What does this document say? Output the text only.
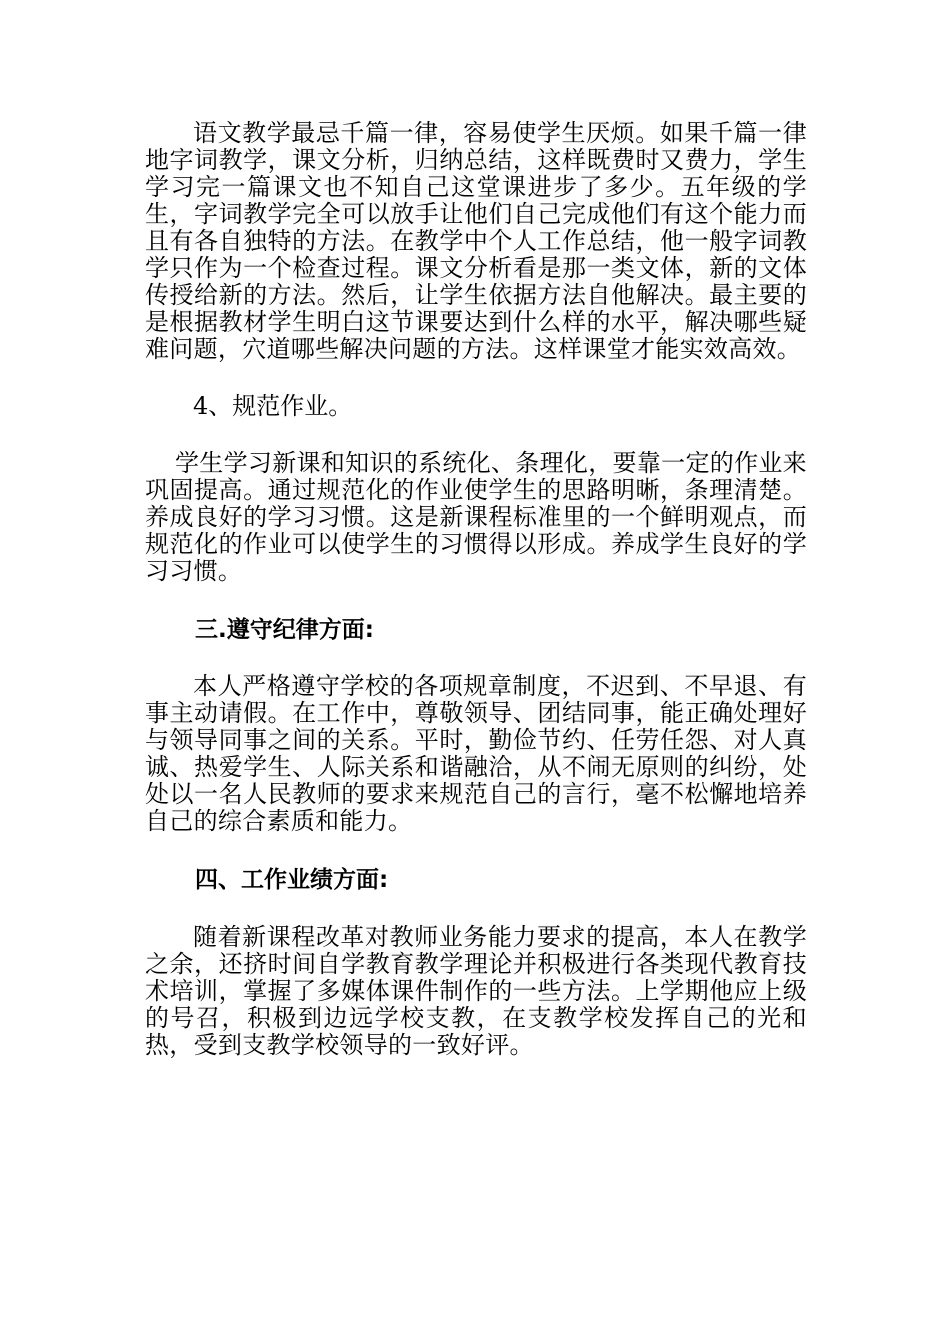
语文教学最忌千篇一律，容易使学生厌烦。如果千篇一律地字词教学，课文分析，归纳总结，这样既费时又费力，学生学习完一篇课文也不知自己这堂课进步了多少。五年级的学生，字词教学完全可以放手让他们自己完成他们有这个能力而且有各自独特的方法。在教学中个人工作总结，他一般字词教学只作为一个检查过程。课文分析看是那一类文体，新的文体传授给新的方法。然后，让学生依据方法自他解决。最主要的是根据教材学生明白这节课要达到什么样的水平，解决哪些疑难问题，穴道哪些解决问题的方法。这样课堂才能实效高效。

4、规范作业。

学生学习新课和知识的系统化、条理化，要靠一定的作业来巩固提高。通过规范化的作业使学生的思路明晰，条理清楚。养成良好的学习习惯。这是新课程标准里的一个鲜明观点，而规范化的作业可以使学生的习惯得以形成。养成学生良好的学习习惯。

三.遵守纪律方面:

本人严格遵守学校的各项规章制度，不迟到、不早退、有事主动请假。在工作中，尊敬领导、团结同事，能正确处理好与领导同事之间的关系。平时，勤俭节约、任劳任怨、对人真诚、热爱学生、人际关系和谐融洽，从不闹无原则的纠纷，处处以一名人民教师的要求来规范自己的言行，毫不松懈地培养自己的综合素质和能力。

四、工作业绩方面:

随着新课程改革对教师业务能力要求的提高，本人在教学之余，还挤时间自学教育教学理论并积极进行各类现代教育技术培训，掌握了多媒体课件制作的一些方法。上学期他应上级的号召，积极到边远学校支教，在支教学校发挥自己的光和热，受到支教学校领导的一致好评。
